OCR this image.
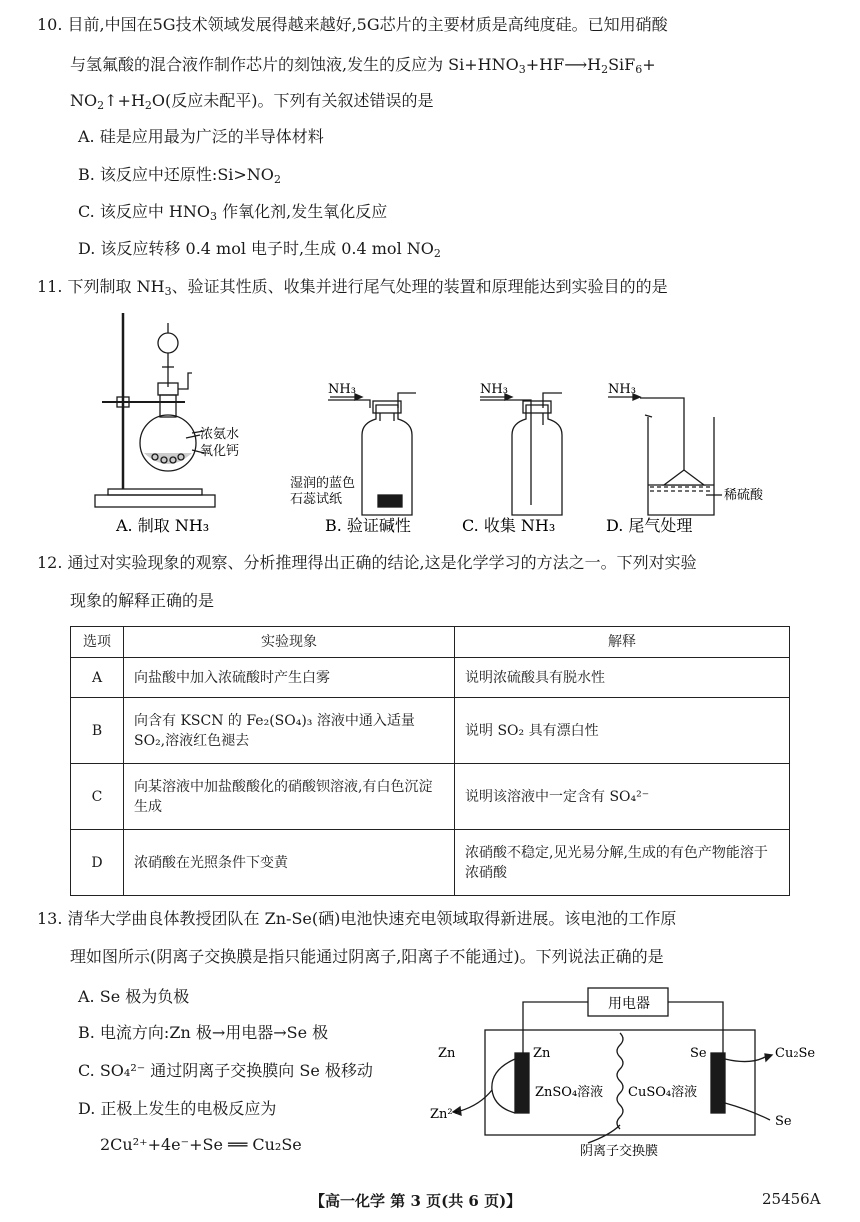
10. 目前,中国在5G技术领域发展得越来越好,5G芯片的主要材质是高纯度硅。已知用硝酸
与氢氟酸的混合液作制作芯片的刻蚀液,发生的反应为 $Si+HNO_3+HF⟶H_2SiF_6+$
$NO_2↑+H_2O$(反应未配平)。下列有关叙述错误的是
A. 硅是应用最为广泛的半导体材料
B. 该反应中还原性$:Si>NO_2$
C. 该反应中 $HNO_3$ 作氧化剂,发生氧化反应
D. 该反应转移 0.4 mol 电子时,生成 0.4 mol $NO_2$
11. 下列制取 $NH_3$、验证其性质、收集并进行尾气处理的装置和原理能达到实验目的的是
浓氨水
氧化钙
NH₃
湿润的蓝色
石蕊试纸
NH₃	NH₃
稀硫酸
A. 制取 NH₃	B. 验证碱性	C. 收集 NH₃	D. 尾气处理
12. 通过对实验现象的观察、分析推理得出正确的结论,这是化学学习的方法之一。下列对实验
现象的解释正确的是
选项	实验现象	解释
A	向盐酸中加入浓硫酸时产生白雾	说明浓硫酸具有脱水性
B	向含有 KSCN 的 Fe₂(SO₄)₃ 溶液中通入适量 SO₂,溶液红色褪去	说明 SO₂ 具有漂白性
C	向某溶液中加盐酸酸化的硝酸钡溶液,有白色沉淀生成	说明该溶液中一定含有 SO₄²⁻
D	浓硝酸在光照条件下变黄	浓硝酸不稳定,见光易分解,生成的有色产物能溶于浓硝酸
13. 清华大学曲良体教授团队在 Zn-Se(硒)电池快速充电领域取得新进展。该电池的工作原
理如图所示(阴离子交换膜是指只能通过阴离子,阳离子不能通过)。下列说法正确的是
A. Se 极为负极
B. 电流方向:Zn 极→用电器→Se 极
C. SO₄²⁻ 通过阴离子交换膜向 Se 极移动
D. 正极上发生的电极反应为
2Cu²⁺+4e⁻+Se ══ Cu₂Se
用电器
Zn	Zn	Se	Cu₂Se
ZnSO₄溶液 CuSO₄溶液
Zn²⁺	Se
阴离子交换膜
【高一化学 第 3 页(共 6 页)】	25456A
